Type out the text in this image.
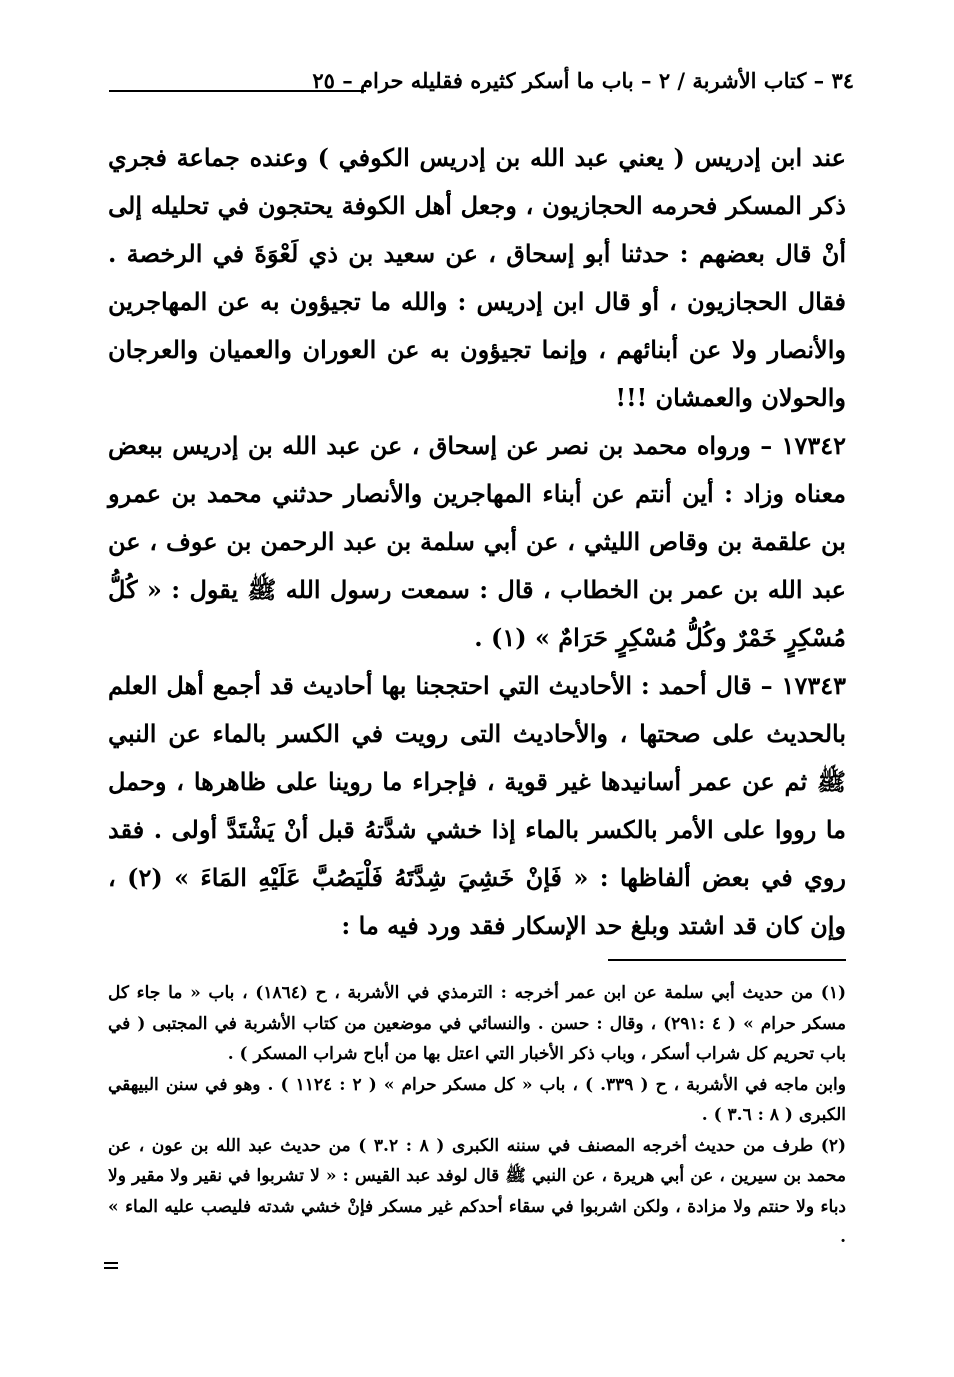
٣٤ – كتاب الأشربة / ٢ – باب ما أسكر كثيره فقليله حرام – ٢٥

عند ابن إدريس ( يعني عبد الله بن إدريس الكوفي ) وعنده جماعة فجري ذكر المسكر فحرمه الحجازيون ، وجعل أهل الكوفة يحتجون في تحليله إلى أنْ قال بعضهم : حدثنا أبو إسحاق ، عن سعيد بن ذي لَعْوَةَ في الرخصة . فقال الحجازيون ، أو قال ابن إدريس : والله ما تجيؤون به عن المهاجرين والأنصار ولا عن أبنائهم ، وإنما تجيؤون به عن العوران والعميان والعرجان والحولان والعمشان !!!

١٧٣٤٢ – ورواه محمد بن نصر عن إسحاق ، عن عبد الله بن إدريس ببعض معناه وزاد : أين أنتم عن أبناء المهاجرين والأنصار حدثني محمد بن عمرو بن علقمة بن وقاص الليثي ، عن أبي سلمة بن عبد الرحمن بن عوف ، عن عبد الله بن عمر بن الخطاب ، قال : سمعت رسول الله ﷺ يقول : « كُلُّ مُسْكِرٍ خَمْرٌ وكُلُّ مُسْكِرٍ حَرَامٌ » (١) .

١٧٣٤٣ – قال أحمد : الأحاديث التي احتججنا بها أحاديث قد أجمع أهل العلم بالحديث على صحتها ، والأحاديث التى رويت في الكسر بالماء عن النبي ﷺ ثم عن عمر أسانيدها غير قوية ، فإجراء ما روينا على ظاهرها ، وحمل ما رووا على الأمر بالكسر بالماء إذا خشي شدَّتهُ قبل أنْ يَشْتَدَّ أولى . فقد روي في بعض ألفاظها : « فَإنْ خَشِيَ شِدَّتَهُ فَلْيَصُبَّ عَلَيْهِ المَاءَ » (٢) ، وإن كان قد اشتد وبلغ حد الإسكار فقد ورد فيه ما :

(١) من حديث أبي سلمة عن ابن عمر أخرجه : الترمذي في الأشربة ، ح (١٨٦٤) ، باب « ما جاء كل مسكر حرام » ( ٤ :٢٩١) ، وقال : حسن . والنسائي في موضعين من كتاب الأشربة في المجتبى ( في باب تحريم كل شراب أسكر ، وباب ذكر الأخبار التي اعتل بها من أباح شراب المسكر ) .

وابن ماجه في الأشربة ، ح ( ٣٣٩. ) ، باب « كل مسكر حرام » ( ٢ : ١١٢٤ ) . وهو في سنن البيهقي الكبرى ( ٨ : ٣.٦ ) .

(٢) طرف من حديث أخرجه المصنف في سننه الكبرى ( ٨ : ٣.٢ ) من حديث عبد الله بن عون ، عن محمد بن سيرين ، عن أبي هريرة ، عن النبي ﷺ قال لوفد عبد القيس : « لا تشربوا في نقير ولا مقير ولا دباء ولا حنتم ولا مزادة ، ولكن اشربوا في سقاء أحدكم غير مسكر فإنْ خشي شدته فليصب عليه الماء » .
